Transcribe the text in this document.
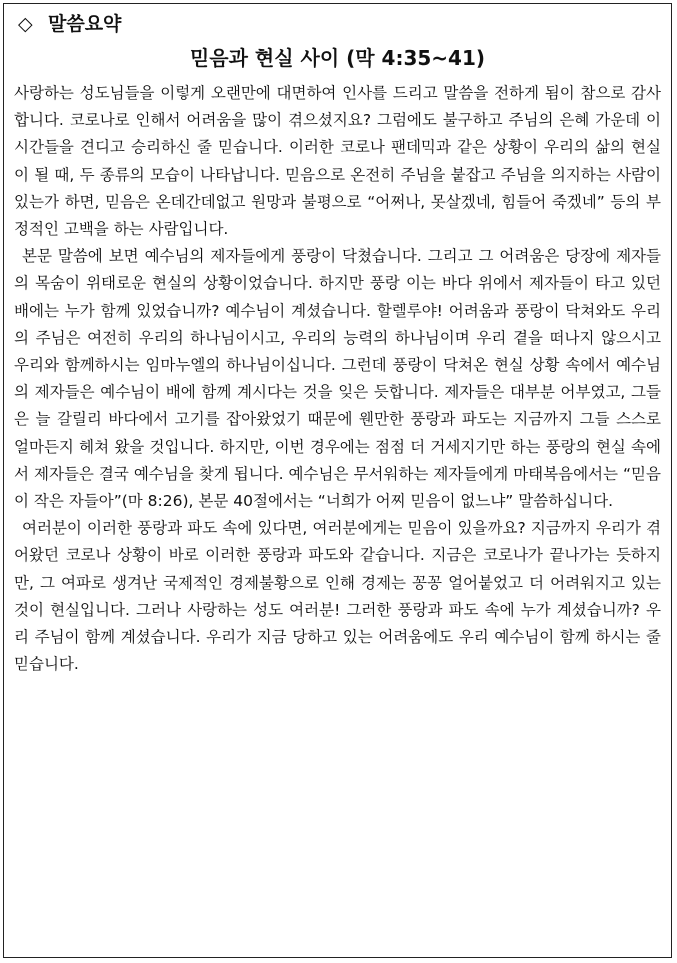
◇ 말씀요약
믿음과 현실 사이 (막 4:35~41)

사랑하는 성도님들을 이렇게 오랜만에 대면하여 인사를 드리고 말씀을 전하게 됨이 참으로 감사합니다. 코로나로 인해서 어려움을 많이 겪으셨지요? 그럼에도 불구하고 주님의 은혜 가운데 이 시간들을 견디고 승리하신 줄 믿습니다. 이러한 코로나 팬데믹과 같은 상황이 우리의 삶의 현실이 될 때, 두 종류의 모습이 나타납니다. 믿음으로 온전히 주님을 붙잡고 주님을 의지하는 사람이 있는가 하면, 믿음은 온데간데없고 원망과 불평으로 “어쩌나, 못살겠네, 힘들어 죽겠네” 등의 부정적인 고백을 하는 사람입니다.

본문 말씀에 보면 예수님의 제자들에게 풍랑이 닥쳤습니다. 그리고 그 어려움은 당장에 제자들의 목숨이 위태로운 현실의 상황이었습니다. 하지만 풍랑 이는 바다 위에서 제자들이 타고 있던 배에는 누가 함께 있었습니까? 예수님이 계셨습니다. 할렐루야! 어려움과 풍랑이 닥쳐와도 우리의 주님은 여전히 우리의 하나님이시고, 우리의 능력의 하나님이며 우리 곁을 떠나지 않으시고 우리와 함께하시는 임마누엘의 하나님이십니다. 그런데 풍랑이 닥쳐온 현실 상황 속에서 예수님의 제자들은 예수님이 배에 함께 계시다는 것을 잊은 듯합니다. 제자들은 대부분 어부였고, 그들은 늘 갈릴리 바다에서 고기를 잡아왔었기 때문에 웬만한 풍랑과 파도는 지금까지 그들 스스로 얼마든지 헤쳐 왔을 것입니다. 하지만, 이번 경우에는 점점 더 거세지기만 하는 풍랑의 현실 속에서 제자들은 결국 예수님을 찾게 됩니다. 예수님은 무서워하는 제자들에게 마태복음에서는 “믿음이 작은 자들아”(마 8:26), 본문 40절에서는 “너희가 어찌 믿음이 없느냐” 말씀하십니다.

여러분이 이러한 풍랑과 파도 속에 있다면, 여러분에게는 믿음이 있을까요? 지금까지 우리가 겪어왔던 코로나 상황이 바로 이러한 풍랑과 파도와 같습니다. 지금은 코로나가 끝나가는 듯하지만, 그 여파로 생겨난 국제적인 경제불황으로 인해 경제는 꽁꽁 얼어붙었고 더 어려워지고 있는 것이 현실입니다. 그러나 사랑하는 성도 여러분! 그러한 풍랑과 파도 속에 누가 계셨습니까? 우리 주님이 함께 계셨습니다. 우리가 지금 당하고 있는 어려움에도 우리 예수님이 함께 하시는 줄 믿습니다.
